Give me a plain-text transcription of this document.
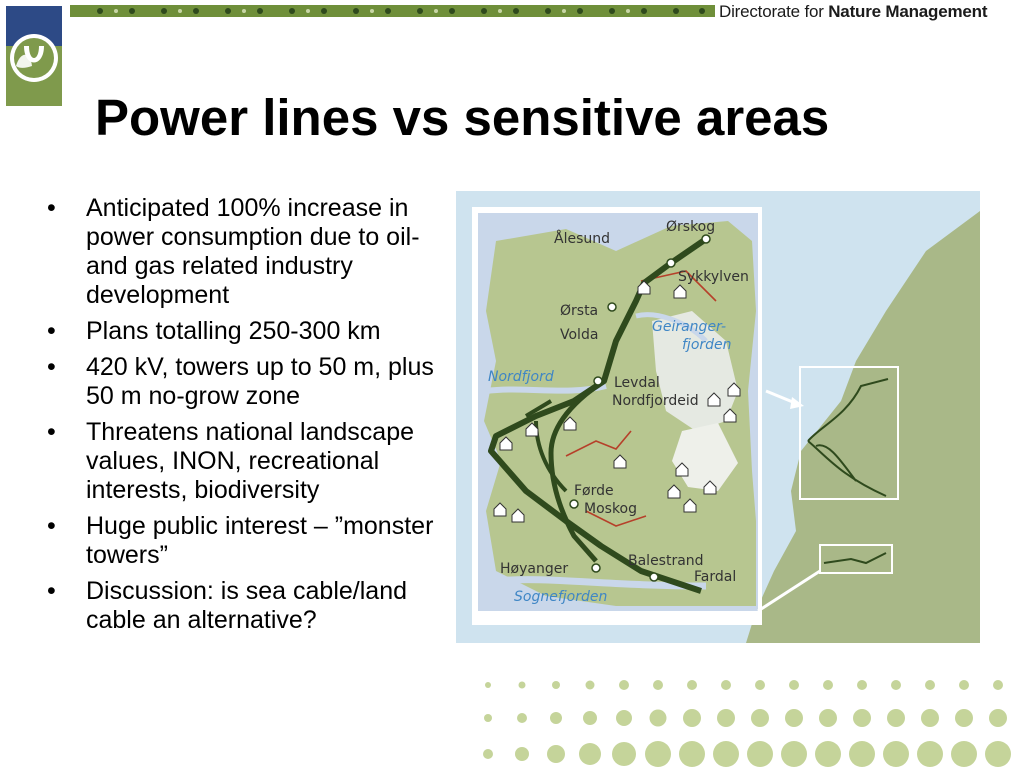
Directorate for Nature Management
Power lines vs sensitive areas
• Anticipated 100% increase in power consumption due to oil- and gas related industry development
• Plans totalling 250-300 km
• 420 kV, towers up to 50 m, plus 50 m no-grow zone
• Threatens national landscape values, INON, recreational interests, biodiversity
• Huge public interest – ”monster towers”
• Discussion: is sea cable/land cable an alternative?
Ørskog
Ålesund
Sykkylven
Ørsta
Volda
Levdal
Nordfjordeid
Førde
Moskog
Høyanger	Balestrand
Fardal
Geiranger-
fjorden
Nordfjord
Sognefjorden
